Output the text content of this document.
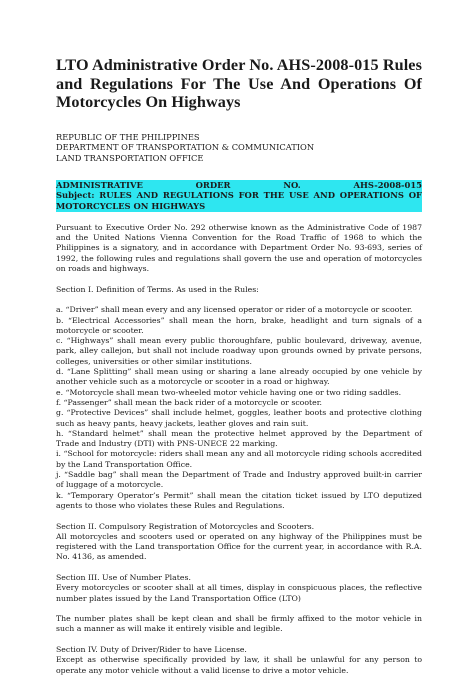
LTO Administrative Order No. AHS-2008-015 Rules and Regulations For The Use And Operations Of Motorcycles On Highways
REPUBLIC OF THE PHILIPPINES
DEPARTMENT OF TRANSPORTATION & COMMUNICATION
LAND TRANSPORTATION OFFICE
ADMINISTRATIVE	ORDER	NO.	AHS-2008-015
Subject: RULES AND REGULATIONS FOR THE USE AND OPERATIONS OF MOTORCYCLES ON HIGHWAYS

Pursuant to Executive Order No. 292 otherwise known as the Administrative Code of 1987 and the United Nations Vienna Convention for the Road Traffic of 1968 to which the Philippines is a signatory, and in accordance with Department Order No. 93-693, series of 1992, the following rules and regulations shall govern the use and operation of motorcycles on roads and highways.

Section I. Definition of Terms. As used in the Rules:

a. “Driver” shall mean every and any licensed operator or rider of a motorcycle or scooter.
b. “Electrical Accessories” shall mean the horn, brake, headlight and turn signals of a motorcycle or scooter.
c. “Highways” shall mean every public thoroughfare, public boulevard, driveway, avenue, park, alley callejon, but shall not include roadway upon grounds owned by private persons, colleges, universities or other similar institutions.
d. “Lane Splitting” shall mean using or sharing a lane already occupied by one vehicle by another vehicle such as a motorcycle or scooter in a road or highway.
e. “Motorcycle shall mean two-wheeled motor vehicle having one or two riding saddles.
f. “Passenger” shall mean the back rider of a motorcycle or scooter.
g. “Protective Devices” shall include helmet, goggles, leather boots and protective clothing such as heavy pants, heavy jackets, leather gloves and rain suit.
h. “Standard helmet” shall mean the protective helmet approved by the Department of Trade and Industry (DTI) with PNS-UNECE 22 marking.
i. “School for motorcycle: riders shall mean any and all motorcycle riding schools accredited by the Land Transportation Office.
j. “Saddle bag” shall mean the Department of Trade and Industry approved built-in carrier of luggage of a motorcycle.
k. “Temporary Operator’s Permit” shall mean the citation ticket issued by LTO deputized agents to those who violates these Rules and Regulations.

Section II. Compulsory Registration of Motorcycles and Scooters.

All motorcycles and scooters used or operated on any highway of the Philippines must be registered with the Land transportation Office for the current year, in accordance with R.A. No. 4136, as amended.

Section III. Use of Number Plates.

Every motorcycles or scooter shall at all times, display in conspicuous places, the reflective number plates issued by the Land Transportation Office (LTO)

The number plates shall be kept clean and shall be firmly affixed to the motor vehicle in such a manner as will make it entirely visible and legible.

Section IV. Duty of Driver/Rider to have License.

Except as otherwise specifically provided by law, it shall be unlawful for any person to operate any motor vehicle without a valid license to drive a motor vehicle.
